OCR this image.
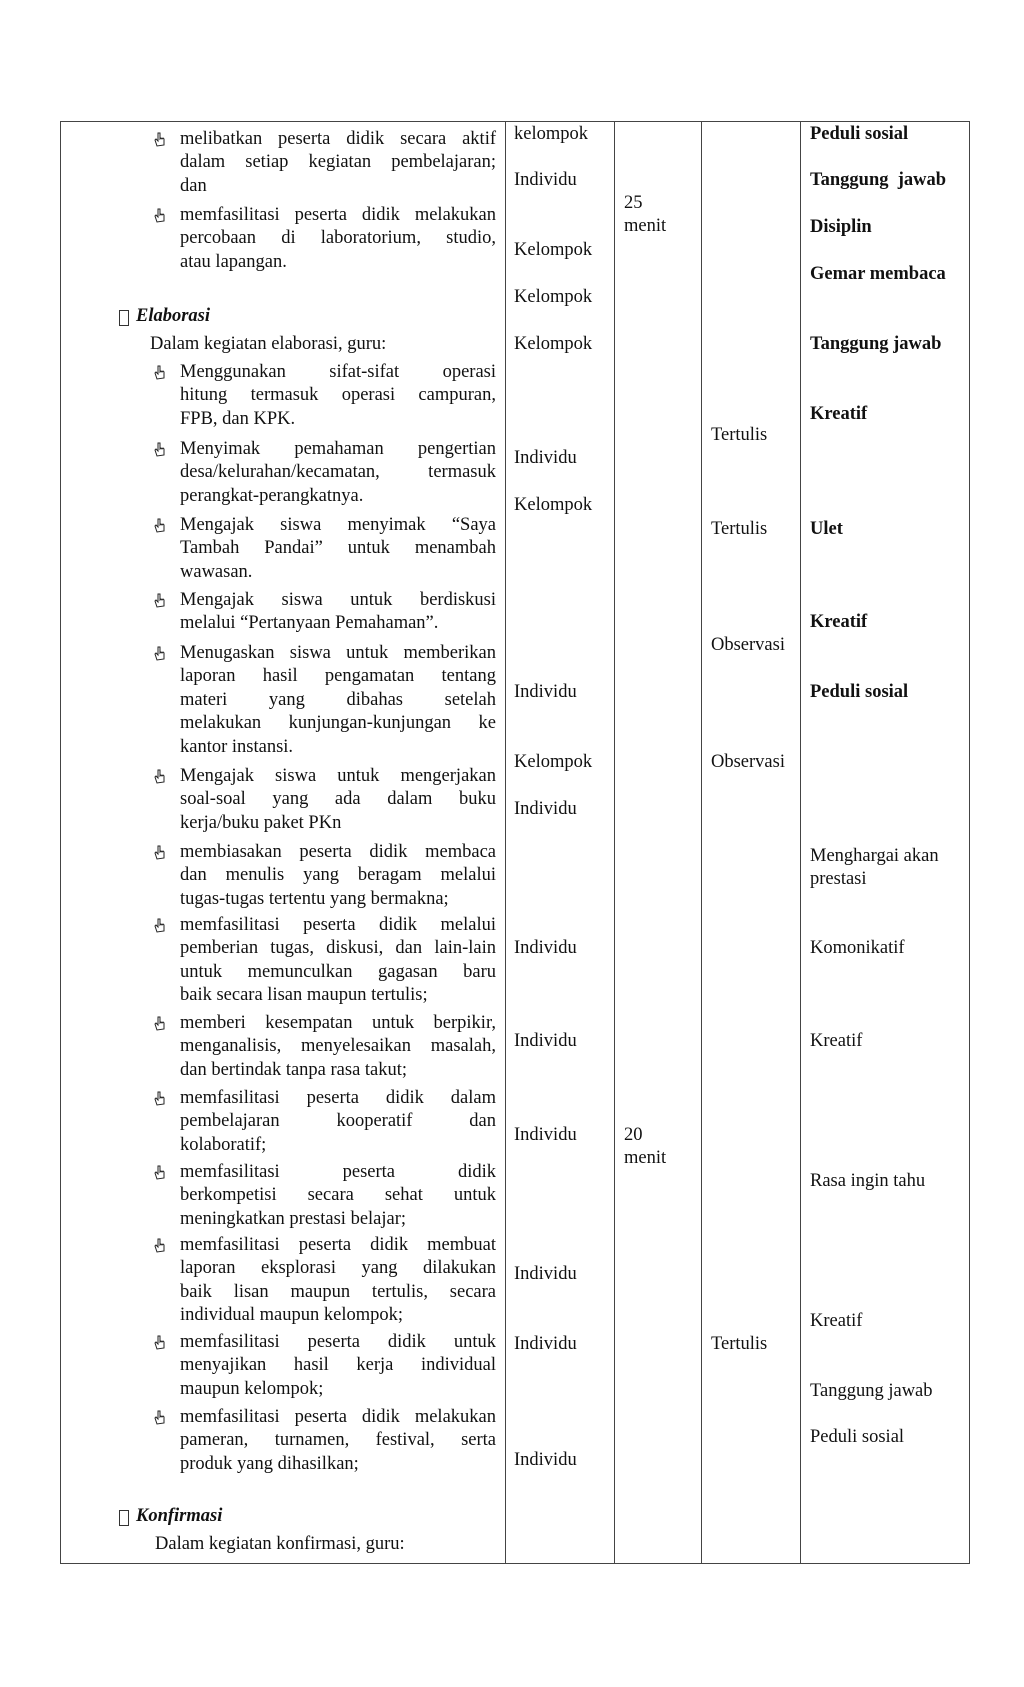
melibatkan peserta didik secara aktif
dalam setiap kegiatan pembelajaran;
dan
memfasilitasi peserta didik melakukan
percobaan di laboratorium, studio,
atau lapangan.
Elaborasi
Dalam kegiatan elaborasi, guru:
Menggunakan sifat-sifat operasi
hitung termasuk operasi campuran,
FPB, dan KPK.
Menyimak pemahaman pengertian
desa/kelurahan/kecamatan, termasuk
perangkat-perangkatnya.
Mengajak siswa menyimak “Saya
Tambah Pandai” untuk menambah
wawasan.
Mengajak siswa untuk berdiskusi
melalui “Pertanyaan Pemahaman”.
Menugaskan siswa untuk memberikan
laporan hasil pengamatan tentang
materi yang dibahas setelah
melakukan kunjungan-kunjungan ke
kantor instansi.
Mengajak siswa untuk mengerjakan
soal-soal yang ada dalam buku
kerja/buku paket PKn
membiasakan peserta didik membaca
dan menulis yang beragam melalui
tugas-tugas tertentu yang bermakna;
memfasilitasi peserta didik melalui
pemberian tugas, diskusi, dan lain-lain
untuk memunculkan gagasan baru
baik secara lisan maupun tertulis;
memberi kesempatan untuk berpikir,
menganalisis, menyelesaikan masalah,
dan bertindak tanpa rasa takut;
memfasilitasi peserta didik dalam
pembelajaran kooperatif dan
kolaboratif;
memfasilitasi peserta didik
berkompetisi secara sehat untuk
meningkatkan prestasi belajar;
memfasilitasi peserta didik membuat
laporan eksplorasi yang dilakukan
baik lisan maupun tertulis, secara
individual maupun kelompok;
memfasilitasi peserta didik untuk
menyajikan hasil kerja individual
maupun kelompok;
memfasilitasi peserta didik melakukan
pameran, turnamen, festival, serta
produk yang dihasilkan;
Konfirmasi
Dalam kegiatan konfirmasi, guru:
kelompok
Individu
Kelompok
Kelompok
Kelompok
Individu
Kelompok
Individu
Kelompok
Individu
Individu
Individu
Individu
Individu
Individu
Individu
25
menit
20
menit
Tertulis
Tertulis
Observasi
Observasi
Tertulis
Peduli sosial
Tanggung  jawab
Disiplin
Gemar membaca
Tanggung jawab
Kreatif
Ulet
Kreatif
Peduli sosial
Menghargai akan
prestasi
Komonikatif
Kreatif
Rasa ingin tahu
Kreatif
Tanggung jawab
Peduli sosial
